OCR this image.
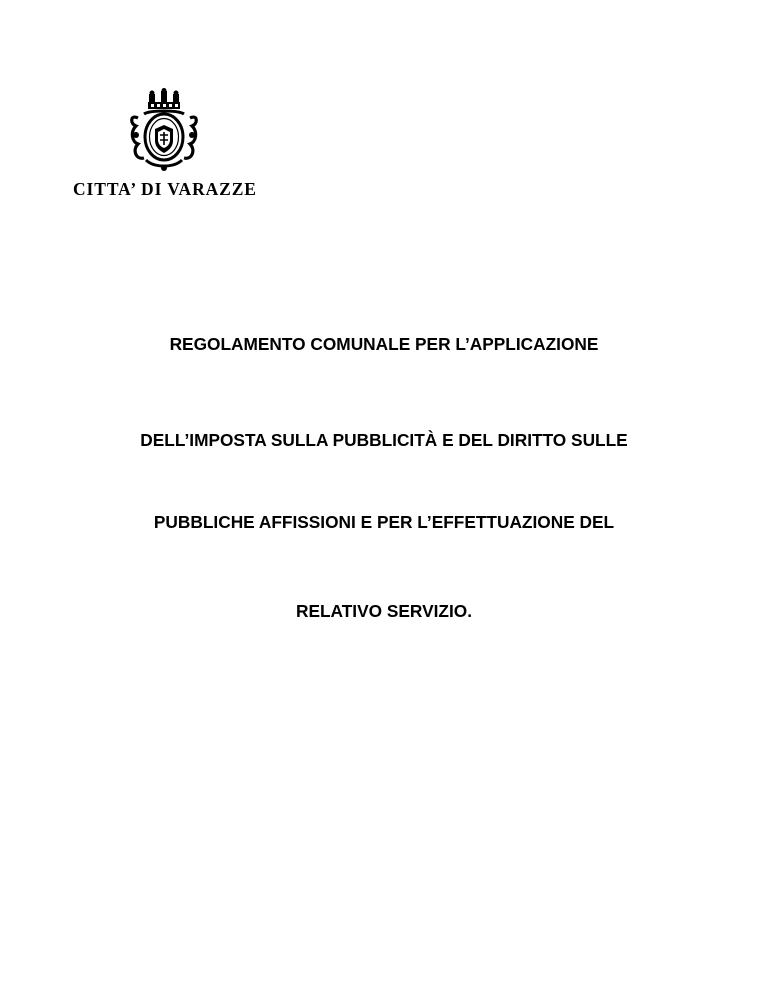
CITTA’ DI VARAZZE
REGOLAMENTO COMUNALE PER L’APPLICAZIONE
DELL’IMPOSTA SULLA PUBBLICITÀ E DEL DIRITTO SULLE
PUBBLICHE AFFISSIONI E PER L’EFFETTUAZIONE DEL
RELATIVO SERVIZIO.
